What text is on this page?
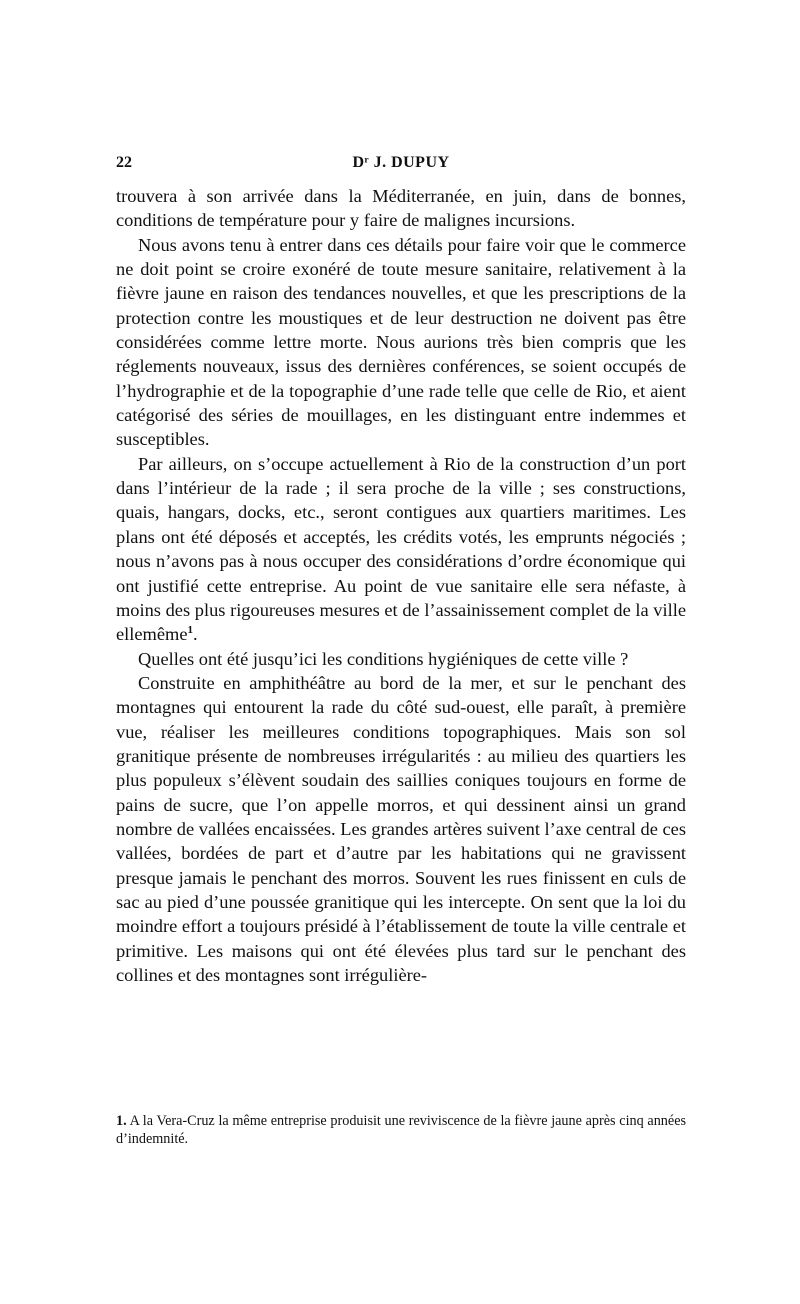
22	Dʳ J. DUPUY

trouvera à son arrivée dans la Méditerranée, en juin, dans de bonnes, conditions de température pour y faire de malignes incursions.

Nous avons tenu à entrer dans ces détails pour faire voir que le commerce ne doit point se croire exonéré de toute mesure sanitaire, relativement à la fièvre jaune en raison des tendances nouvelles, et que les prescriptions de la protection contre les moustiques et de leur destruction ne doivent pas être considérées comme lettre morte. Nous aurions très bien compris que les réglements nouveaux, issus des dernières conférences, se soient occupés de l’hydrographie et de la topographie d’une rade telle que celle de Rio, et aient catégorisé des séries de mouillages, en les distinguant entre indemmes et susceptibles.

Par ailleurs, on s’occupe actuellement à Rio de la construction d’un port dans l’intérieur de la rade ; il sera proche de la ville ; ses constructions, quais, hangars, docks, etc., seront contigues aux quartiers maritimes. Les plans ont été déposés et acceptés, les crédits votés, les emprunts négociés ; nous n’avons pas à nous occuper des considérations d’ordre économique qui ont justifié cette entreprise. Au point de vue sanitaire elle sera néfaste, à moins des plus rigoureuses mesures et de l’assainissement complet de la ville ellemême$^1$.

Quelles ont été jusqu’ici les conditions hygiéniques de cette ville ?

Construite en amphithéâtre au bord de la mer, et sur le penchant des montagnes qui entourent la rade du côté sud-ouest, elle paraît, à première vue, réaliser les meilleures conditions topographiques. Mais son sol granitique présente de nombreuses irrégularités : au milieu des quartiers les plus populeux s’élèvent soudain des saillies coniques toujours en forme de pains de sucre, que l’on appelle morros, et qui dessinent ainsi un grand nombre de vallées encaissées. Les grandes artères suivent l’axe central de ces vallées, bordées de part et d’autre par les habitations qui ne gravissent presque jamais le penchant des morros. Souvent les rues finissent en culs de sac au pied d’une poussée granitique qui les intercepte. On sent que la loi du moindre effort a toujours présidé à l’établissement de toute la ville centrale et primitive. Les maisons qui ont été élevées plus tard sur le penchant des collines et des montagnes sont irrégulière-

1. A la Vera-Cruz la même entreprise produisit une reviviscence de la fièvre jaune après cinq années d’indemnité.
